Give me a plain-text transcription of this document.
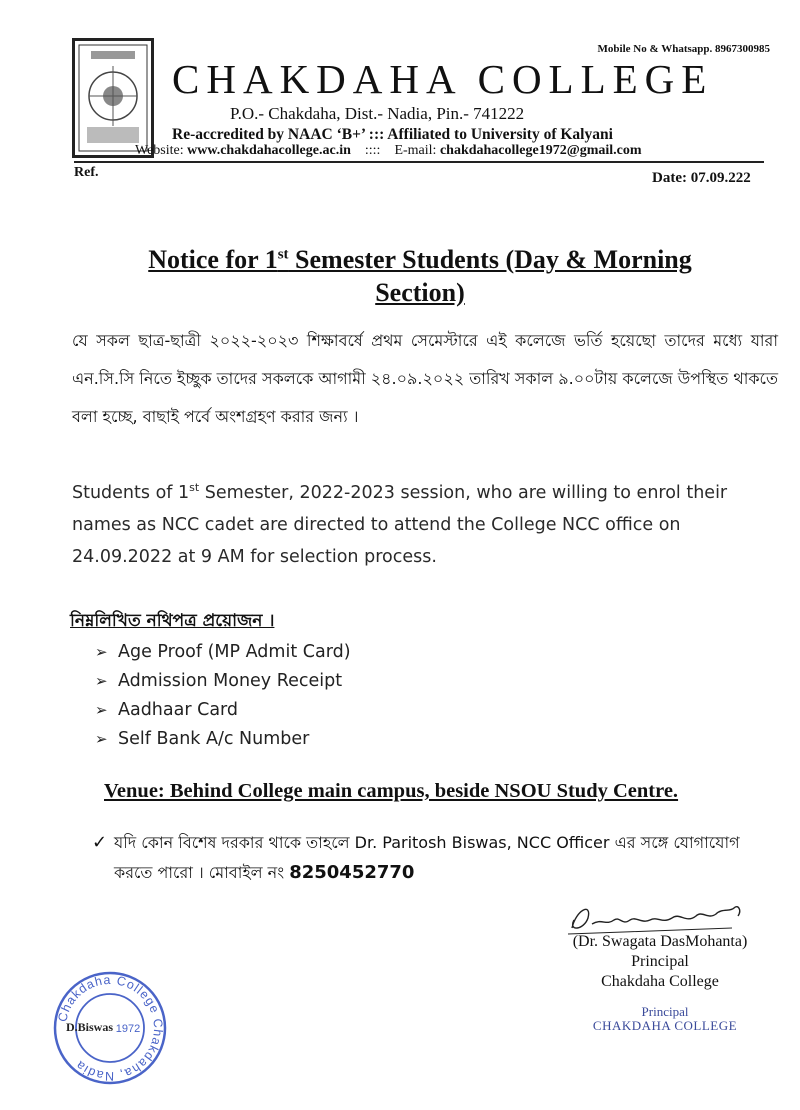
Mobile No & Whatsapp. 8967300985
CHAKDAHA COLLEGE
P.O.- Chakdaha, Dist.- Nadia, Pin.- 741222
Re-accredited by NAAC ‘B+’ ::: Affiliated to University of Kalyani
Website: www.chakdahacollege.ac.in :::: E-mail: chakdahacollege1972@gmail.com
Ref.	Date: 07.09.222
Notice for 1st Semester Students (Day & Morning
Section)
যে সকল ছাত্র-ছাত্রী ২০২২-২০২৩ শিক্ষাবর্ষে প্রথম সেমেস্টারে এই কলেজে ভর্তি হয়েছো তাদের মধ্যে যারা এন.সি.সি নিতে ইচ্ছুক তাদের সকলকে আগামী ২৪.০৯.২০২২ তারিখ সকাল ৯.০০টায় কলেজে উপস্থিত থাকতে বলা হচ্ছে, বাছাই পর্বে অংশগ্রহণ করার জন্য ।
Students of 1st Semester, 2022-2023 session, who are willing to enrol their names as NCC cadet are directed to attend the College NCC office on 24.09.2022 at 9 AM for selection process.
নিম্নলিখিত নথিপত্র প্রয়োজন ।
➢ Age Proof (MP Admit Card)
➢ Admission Money Receipt
➢ Aadhaar Card
➢ Self Bank A/c Number
Venue: Behind College main campus, beside NSOU Study Centre.
✓ যদি কোন বিশেষ দরকার থাকে তাহলে Dr. Paritosh Biswas, NCC Officer এর সঙ্গে যোগাযোগ করতে পারো । মোবাইল নং 8250452770
(Dr. Swagata DasMohanta)
Principal
Chakdaha College
Principal
CHAKDAHA COLLEGE
Chakdaha College Chakdaha, Nadia
1972
D.Biswas
